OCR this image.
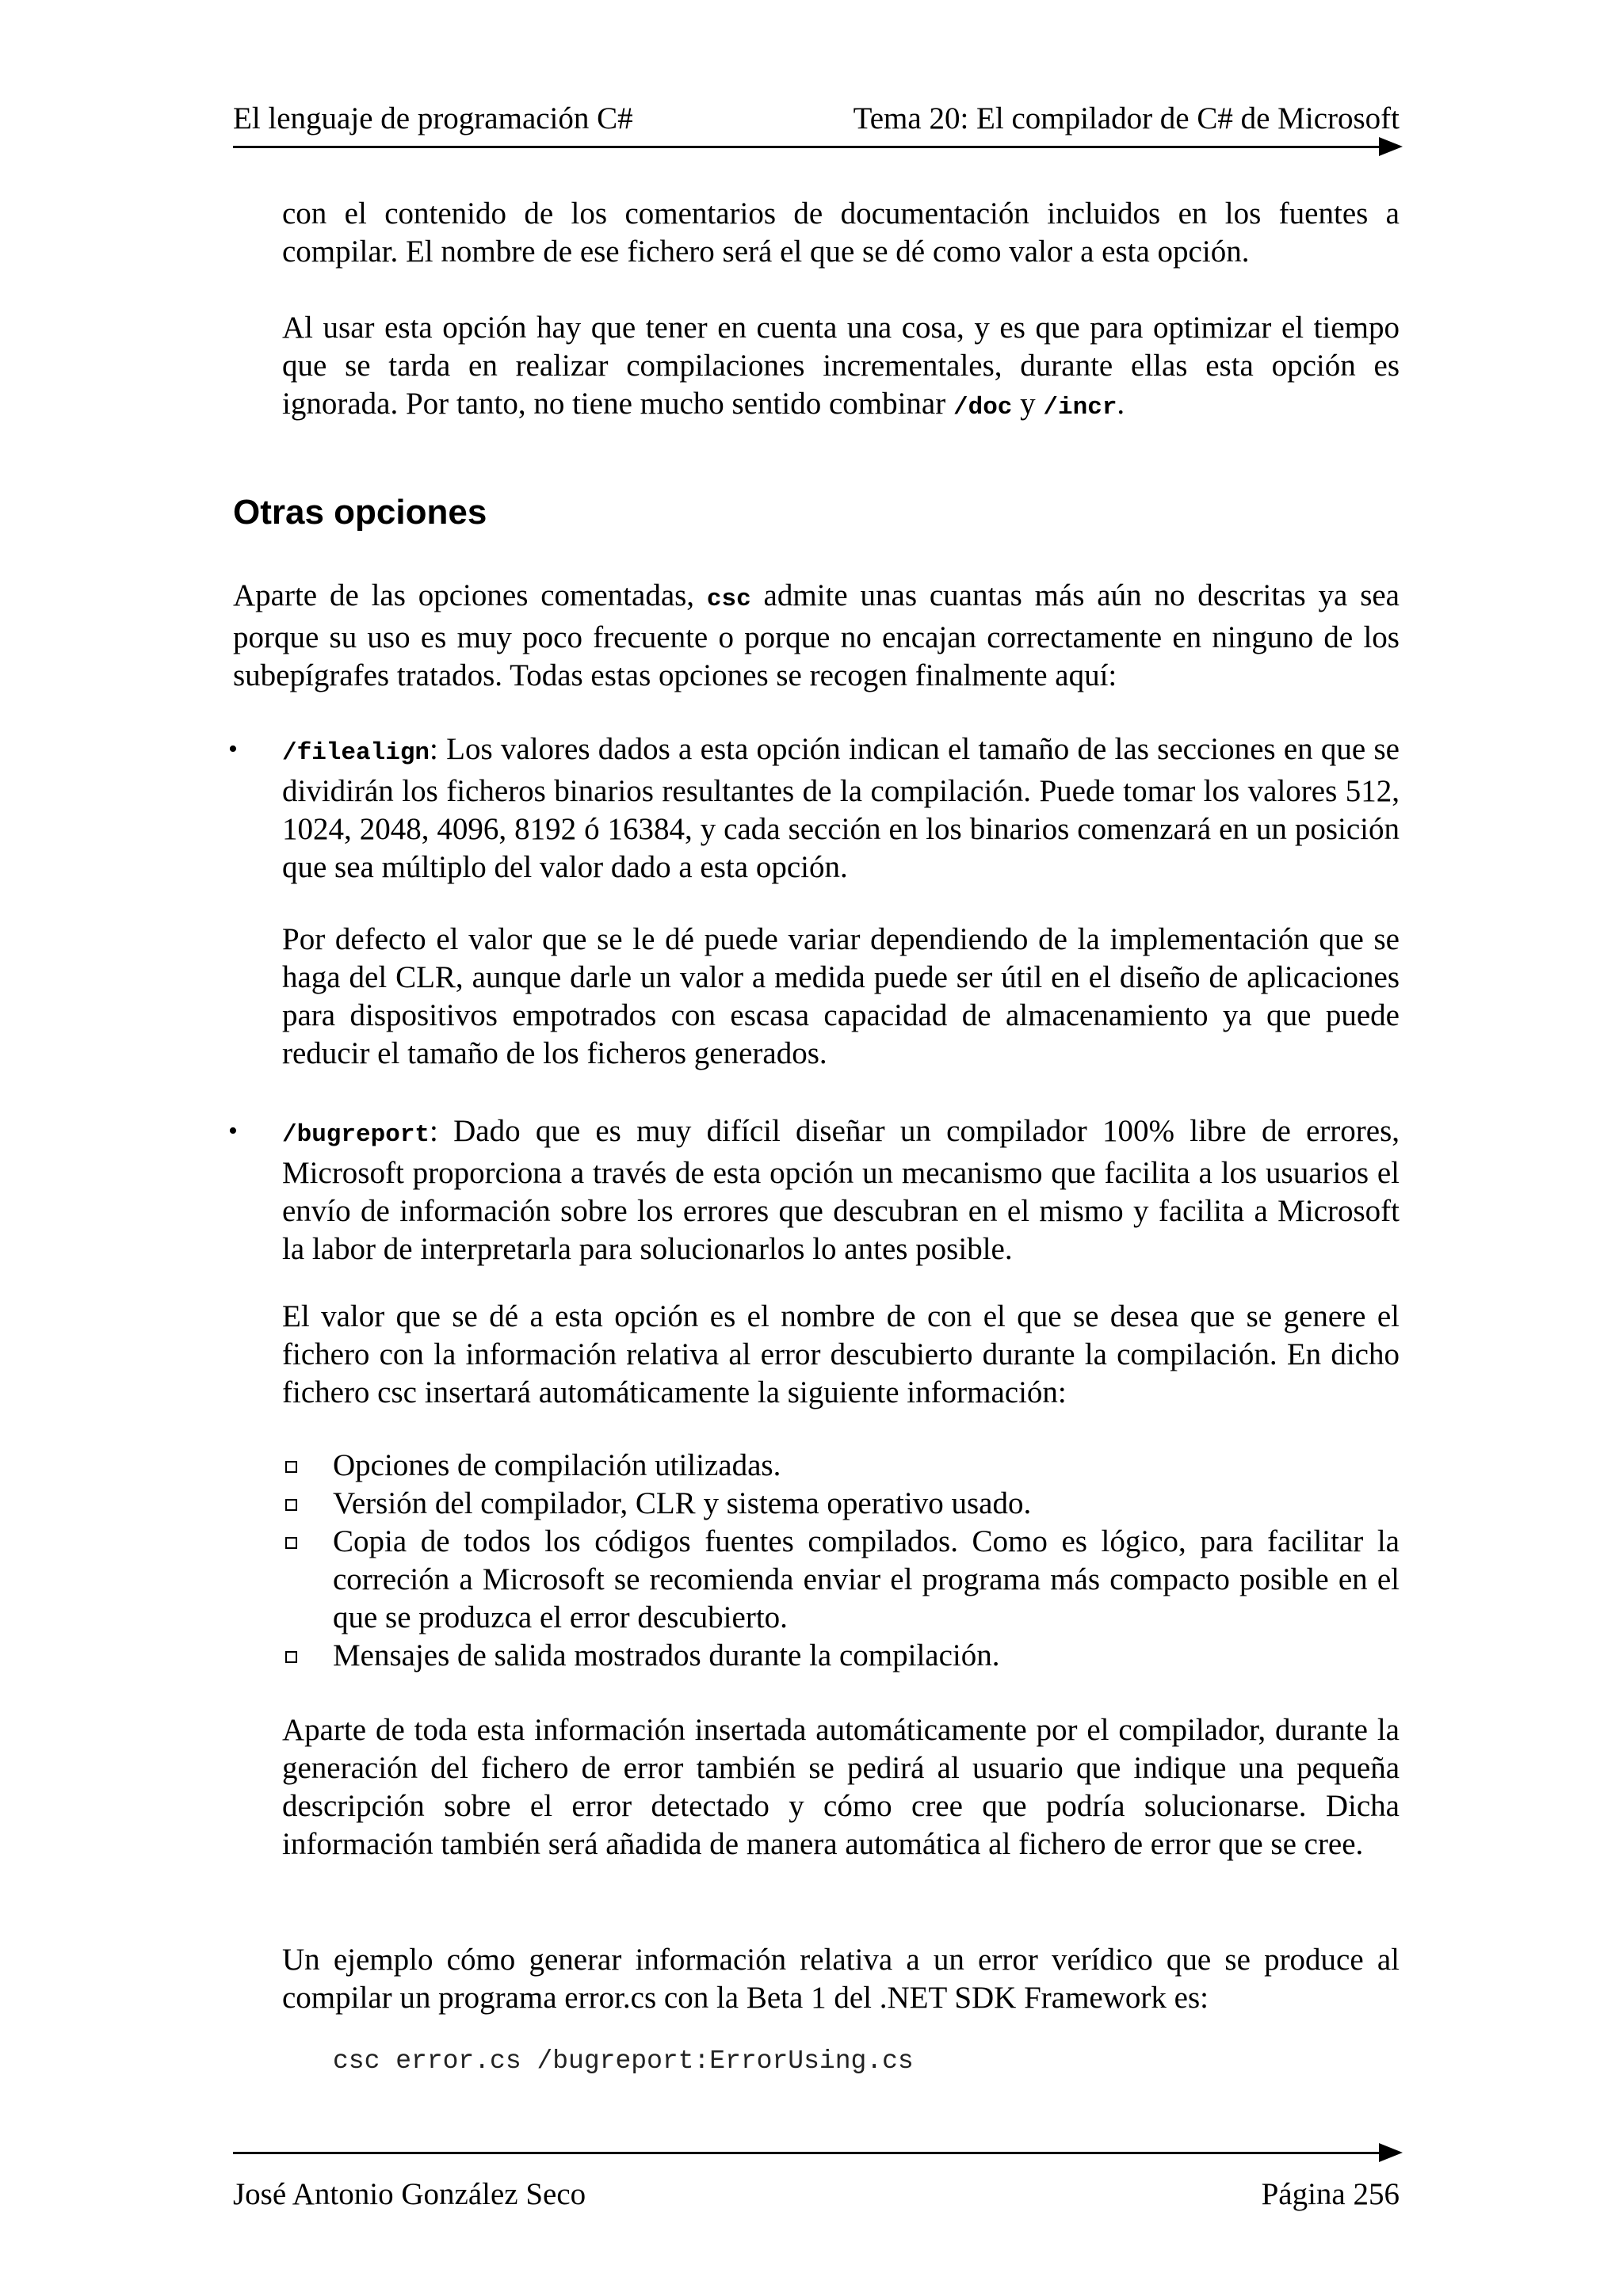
El lenguaje de programación C#	Tema 20: El compilador de C# de Microsoft

con el contenido de los comentarios de documentación incluidos en los fuentes a compilar. El nombre de ese fichero será el que se dé como valor a esta opción.

Al usar esta opción hay que tener en cuenta una cosa, y es que para optimizar el tiempo que se tarda en realizar compilaciones incrementales, durante ellas esta opción es ignorada. Por tanto, no tiene mucho sentido combinar /doc y /incr.

Otras opciones

Aparte de las opciones comentadas, csc admite unas cuantas más aún no descritas ya sea porque su uso es muy poco frecuente o porque no encajan correctamente en ninguno de los subepígrafes tratados. Todas estas opciones se recogen finalmente aquí:

• /filealign: Los valores dados a esta opción indican el tamaño de las secciones en que se dividirán los ficheros binarios resultantes de la compilación. Puede tomar los valores 512, 1024, 2048, 4096, 8192 ó 16384, y cada sección en los binarios comenzará en un posición que sea múltiplo del valor dado a esta opción.

Por defecto el valor que se le dé puede variar dependiendo de la implementación que se haga del CLR, aunque darle un valor a medida puede ser útil en el diseño de aplicaciones para dispositivos empotrados con escasa capacidad de almacenamiento ya que puede reducir el tamaño de los ficheros generados.

• /bugreport: Dado que es muy difícil diseñar un compilador 100% libre de errores, Microsoft proporciona a través de esta opción un mecanismo que facilita a los usuarios el envío de información sobre los errores que descubran en el mismo y facilita a Microsoft la labor de interpretarla para solucionarlos lo antes posible.

El valor que se dé a esta opción es el nombre de con el que se desea que se genere el fichero con la información relativa al error descubierto durante la compilación. En dicho fichero csc insertará automáticamente la siguiente información:

Opciones de compilación utilizadas.

Versión del compilador, CLR y sistema operativo usado.

Copia de todos los códigos fuentes compilados. Como es lógico, para facilitar la correción a Microsoft se recomienda enviar el programa más compacto posible en el que se produzca el error descubierto.

Mensajes de salida mostrados durante la compilación.

Aparte de toda esta información insertada automáticamente por el compilador, durante la generación del fichero de error también se pedirá al usuario que indique una pequeña descripción sobre el error detectado y cómo cree que podría solucionarse. Dicha información también será añadida de manera automática al fichero de error que se cree.

Un ejemplo cómo generar información relativa a un error verídico que se produce al compilar un programa error.cs con la Beta 1 del .NET SDK Framework es:

csc error.cs /bugreport:ErrorUsing.cs
José Antonio González Seco	Página 256
